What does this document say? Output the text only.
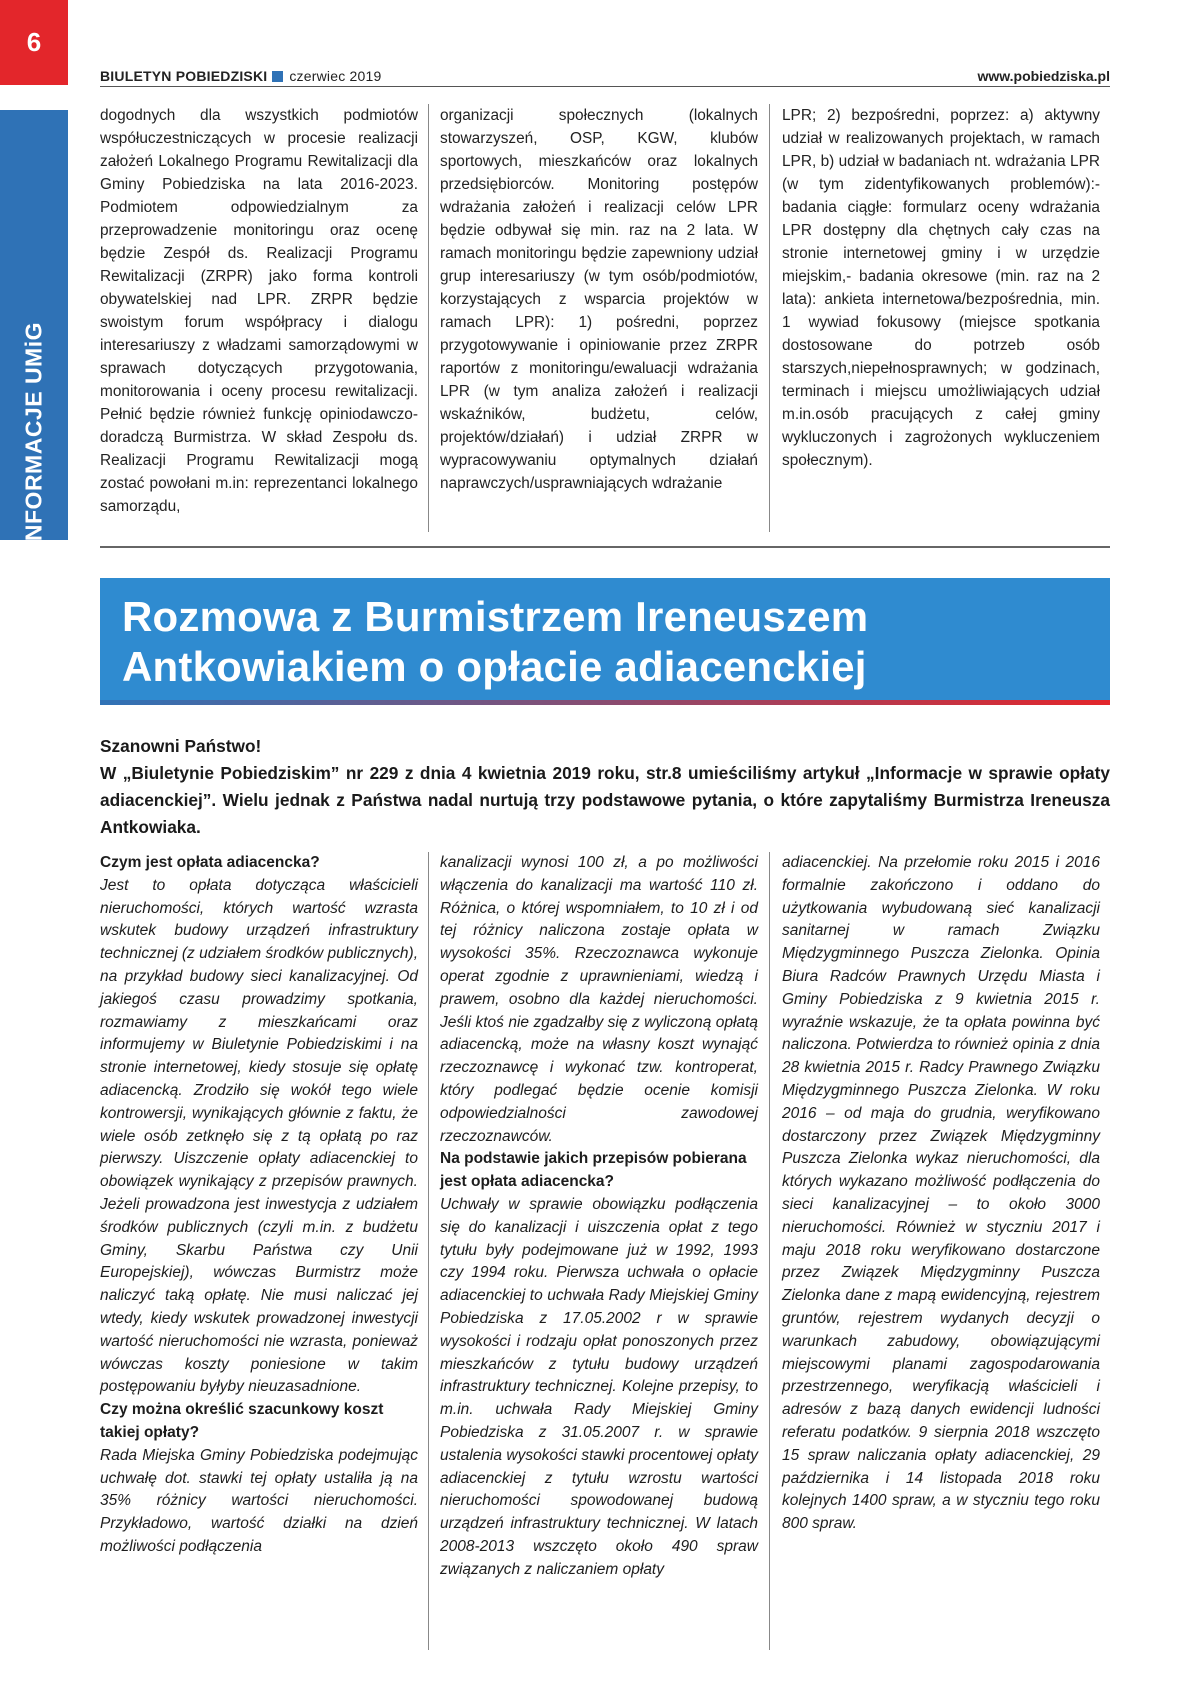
6
INFORMACJE UMiG
BIULETYN POBIEDZISKI czerwiec 2019	www.pobiedziska.pl

dogodnych dla wszystkich podmiotów współuczestniczących w procesie realizacji założeń Lokalnego Programu Rewitalizacji dla Gminy Pobiedziska na lata 2016-2023. Podmiotem odpowiedzialnym za przeprowadzenie monitoringu oraz ocenę będzie Zespół ds. Realizacji Programu Rewitalizacji (ZRPR) jako forma kontroli obywatelskiej nad LPR. ZRPR będzie swoistym forum współpracy i dialogu interesariuszy z władzami samorządowymi w sprawach dotyczących przygotowania, monitorowania i oceny procesu rewitalizacji. Pełnić będzie również funkcję opiniodawczo-doradczą Burmistrza. W skład Zespołu ds. Realizacji Programu Rewitalizacji mogą zostać powołani m.in: reprezentanci lokalnego samorządu,

organizacji społecznych (lokalnych stowarzyszeń, OSP, KGW, klubów sportowych, mieszkańców oraz lokalnych przedsiębiorców. Monitoring postępów wdrażania założeń i realizacji celów LPR będzie odbywał się min. raz na 2 lata. W ramach monitoringu będzie zapewniony udział grup interesariuszy (w tym osób/podmiotów, korzystających z wsparcia projektów w ramach LPR): 1) pośredni, poprzez przygotowywanie i opiniowanie przez ZRPR raportów z monitoringu/ewaluacji wdrażania LPR (w tym analiza założeń i realizacji wskaźników, budżetu, celów, projektów/działań) i udział ZRPR w wypracowywaniu optymalnych działań naprawczych/usprawniających wdrażanie

LPR; 2) bezpośredni, poprzez: a) aktywny udział w realizowanych projektach, w ramach LPR, b) udział w badaniach nt. wdrażania LPR (w tym zidentyfikowanych problemów):- badania ciągłe: formularz oceny wdrażania LPR dostępny dla chętnych cały czas na stronie internetowej gminy i w urzędzie miejskim,- badania okresowe (min. raz na 2 lata): ankieta internetowa/bezpośrednia, min. 1 wywiad fokusowy (miejsce spotkania dostosowane do potrzeb osób starszych,niepełnosprawnych; w godzinach, terminach i miejscu umożliwiających udział m.in.osób pracujących z całej gminy wykluczonych i zagrożonych wykluczeniem społecznym).

Rozmowa z Burmistrzem Ireneuszem Antkowiakiem o opłacie adiacenckiej

Szanowni Państwo!

W „Biuletynie Pobiedziskim” nr 229 z dnia 4 kwietnia 2019 roku, str.8 umieściliśmy artykuł „Informacje w sprawie opłaty adiacenckiej”. Wielu jednak z Państwa nadal nurtują trzy podstawowe pytania, o które zapytaliśmy Burmistrza Ireneusza Antkowiaka.

Czym jest opłata adiacencka?

Jest to opłata dotycząca właścicieli nieruchomości, których wartość wzrasta wskutek budowy urządzeń infrastruktury technicznej (z udziałem środków publicznych), na przykład budowy sieci kanalizacyjnej. Od jakiegoś czasu prowadzimy spotkania, rozmawiamy z mieszkańcami oraz informujemy w Biuletynie Pobiedziskimi i na stronie internetowej, kiedy stosuje się opłatę adiacencką. Zrodziło się wokół tego wiele kontrowersji, wynikających głównie z faktu, że wiele osób zetknęło się z tą opłatą po raz pierwszy. Uiszczenie opłaty adiacenckiej to obowiązek wynikający z przepisów prawnych. Jeżeli prowadzona jest inwestycja z udziałem środków publicznych (czyli m.in. z budżetu Gminy, Skarbu Państwa czy Unii Europejskiej), wówczas Burmistrz może naliczyć taką opłatę. Nie musi naliczać jej wtedy, kiedy wskutek prowadzonej inwestycji wartość nieruchomości nie wzrasta, ponieważ wówczas koszty poniesione w takim postępowaniu byłyby nieuzasadnione.

Czy można określić szacunkowy koszt takiej opłaty?

Rada Miejska Gminy Pobiedziska podejmując uchwałę dot. stawki tej opłaty ustaliła ją na 35% różnicy wartości nieruchomości. Przykładowo, wartość działki na dzień możliwości podłączenia

kanalizacji wynosi 100 zł, a po możliwości włączenia do kanalizacji ma wartość 110 zł. Różnica, o której wspomniałem, to 10 zł i od tej różnicy naliczona zostaje opłata w wysokości 35%. Rzeczoznawca wykonuje operat zgodnie z uprawnieniami, wiedzą i prawem, osobno dla każdej nieruchomości. Jeśli ktoś nie zgadzałby się z wyliczoną opłatą adiacencką, może na własny koszt wynająć rzeczoznawcę i wykonać tzw. kontroperat, który podlegać będzie ocenie komisji odpowiedzialności zawodowej rzeczoznawców.

Na podstawie jakich przepisów pobierana jest opłata adiacencka?

Uchwały w sprawie obowiązku podłączenia się do kanalizacji i uiszczenia opłat z tego tytułu były podejmowane już w 1992, 1993 czy 1994 roku. Pierwsza uchwała o opłacie adiacenckiej to uchwała Rady Miejskiej Gminy Pobiedziska z 17.05.2002 r w sprawie wysokości i rodzaju opłat ponoszonych przez mieszkańców z tytułu budowy urządzeń infrastruktury technicznej. Kolejne przepisy, to m.in. uchwała Rady Miejskiej Gminy Pobiedziska z 31.05.2007 r. w sprawie ustalenia wysokości stawki procentowej opłaty adiacenckiej z tytułu wzrostu wartości nieruchomości spowodowanej budową urządzeń infrastruktury technicznej. W latach 2008-2013 wszczęto około 490 spraw związanych z naliczaniem opłaty

adiacenckiej. Na przełomie roku 2015 i 2016 formalnie zakończono i oddano do użytkowania wybudowaną sieć kanalizacji sanitarnej w ramach Związku Międzygminnego Puszcza Zielonka. Opinia Biura Radców Prawnych Urzędu Miasta i Gminy Pobiedziska z 9 kwietnia 2015 r. wyraźnie wskazuje, że ta opłata powinna być naliczona. Potwierdza to również opinia z dnia 28 kwietnia 2015 r. Radcy Prawnego Związku Międzygminnego Puszcza Zielonka. W roku 2016 – od maja do grudnia, weryfikowano dostarczony przez Związek Międzygminny Puszcza Zielonka wykaz nieruchomości, dla których wykazano możliwość podłączenia do sieci kanalizacyjnej – to około 3000 nieruchomości. Również w styczniu 2017 i maju 2018 roku weryfikowano dostarczone przez Związek Międzygminny Puszcza Zielonka dane z mapą ewidencyjną, rejestrem gruntów, rejestrem wydanych decyzji o warunkach zabudowy, obowiązującymi miejscowymi planami zagospodarowania przestrzennego, weryfikacją właścicieli i adresów z bazą danych ewidencji ludności referatu podatków. 9 sierpnia 2018 wszczęto 15 spraw naliczania opłaty adiacenckiej, 29 października i 14 listopada 2018 roku kolejnych 1400 spraw, a w styczniu tego roku 800 spraw.
